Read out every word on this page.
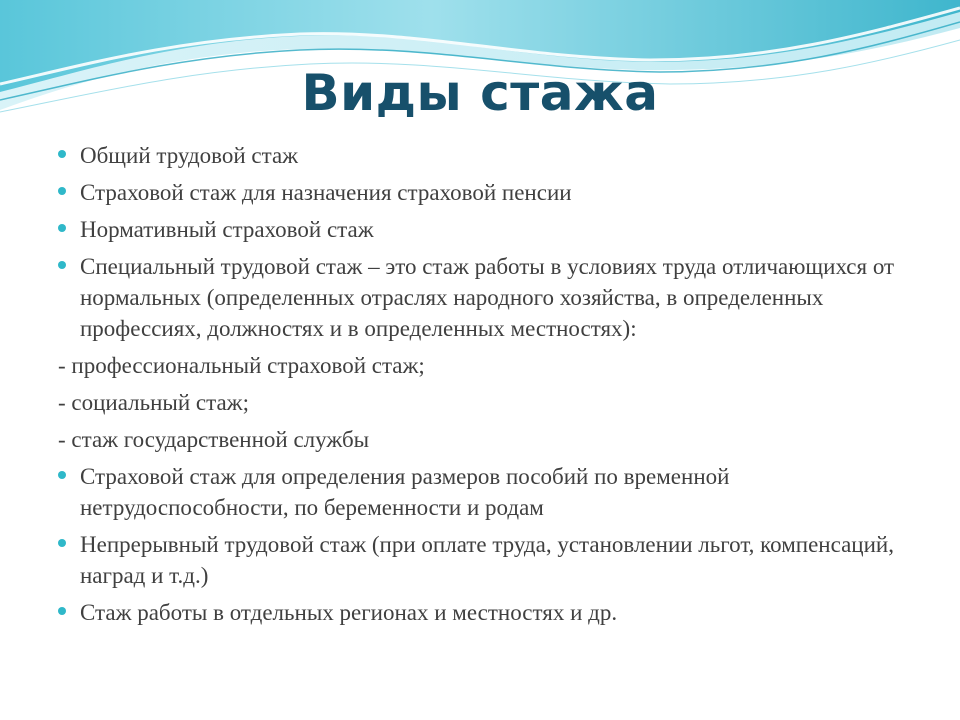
Виды стажа
Общий трудовой стаж
Страховой стаж для назначения страховой пенсии
Нормативный страховой стаж
Специальный трудовой стаж – это стаж работы в условиях труда отличающихся от нормальных (определенных отраслях народного хозяйства, в определенных профессиях, должностях и в определенных местностях):
- профессиональный страховой стаж;
- социальный стаж;
- стаж государственной службы
Страховой стаж для определения размеров пособий по временной нетрудоспособности, по беременности и родам
Непрерывный трудовой стаж (при оплате труда, установлении льгот, компенсаций, наград и т.д.)
Стаж работы в отдельных регионах и местностях и др.
